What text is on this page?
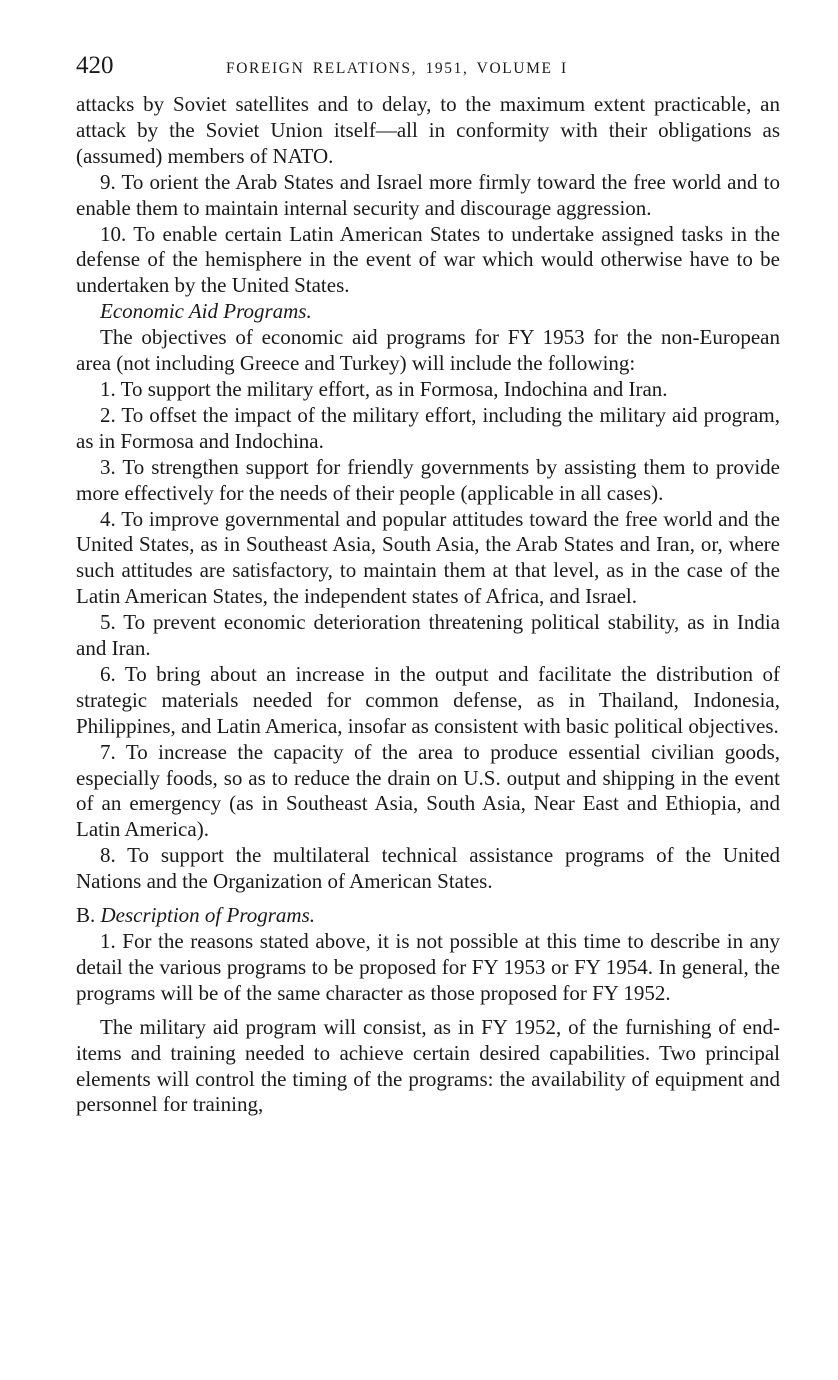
420	FOREIGN RELATIONS, 1951, VOLUME I

attacks by Soviet satellites and to delay, to the maximum extent practicable, an attack by the Soviet Union itself—all in conformity with their obligations as (assumed) members of NATO.

9. To orient the Arab States and Israel more firmly toward the free world and to enable them to maintain internal security and discourage aggression.

10. To enable certain Latin American States to undertake assigned tasks in the defense of the hemisphere in the event of war which would otherwise have to be undertaken by the United States.

Economic Aid Programs.

The objectives of economic aid programs for FY 1953 for the non-European area (not including Greece and Turkey) will include the following:

1. To support the military effort, as in Formosa, Indochina and Iran.

2. To offset the impact of the military effort, including the military aid program, as in Formosa and Indochina.

3. To strengthen support for friendly governments by assisting them to provide more effectively for the needs of their people (applicable in all cases).

4. To improve governmental and popular attitudes toward the free world and the United States, as in Southeast Asia, South Asia, the Arab States and Iran, or, where such attitudes are satisfactory, to maintain them at that level, as in the case of the Latin American States, the independent states of Africa, and Israel.

5. To prevent economic deterioration threatening political stability, as in India and Iran.

6. To bring about an increase in the output and facilitate the distribution of strategic materials needed for common defense, as in Thailand, Indonesia, Philippines, and Latin America, insofar as consistent with basic political objectives.

7. To increase the capacity of the area to produce essential civilian goods, especially foods, so as to reduce the drain on U.S. output and shipping in the event of an emergency (as in Southeast Asia, South Asia, Near East and Ethiopia, and Latin America).

8. To support the multilateral technical assistance programs of the United Nations and the Organization of American States.

B. Description of Programs.

1. For the reasons stated above, it is not possible at this time to describe in any detail the various programs to be proposed for FY 1953 or FY 1954. In general, the programs will be of the same character as those proposed for FY 1952.

The military aid program will consist, as in FY 1952, of the furnishing of end-items and training needed to achieve certain desired capabilities. Two principal elements will control the timing of the programs: the availability of equipment and personnel for training,
